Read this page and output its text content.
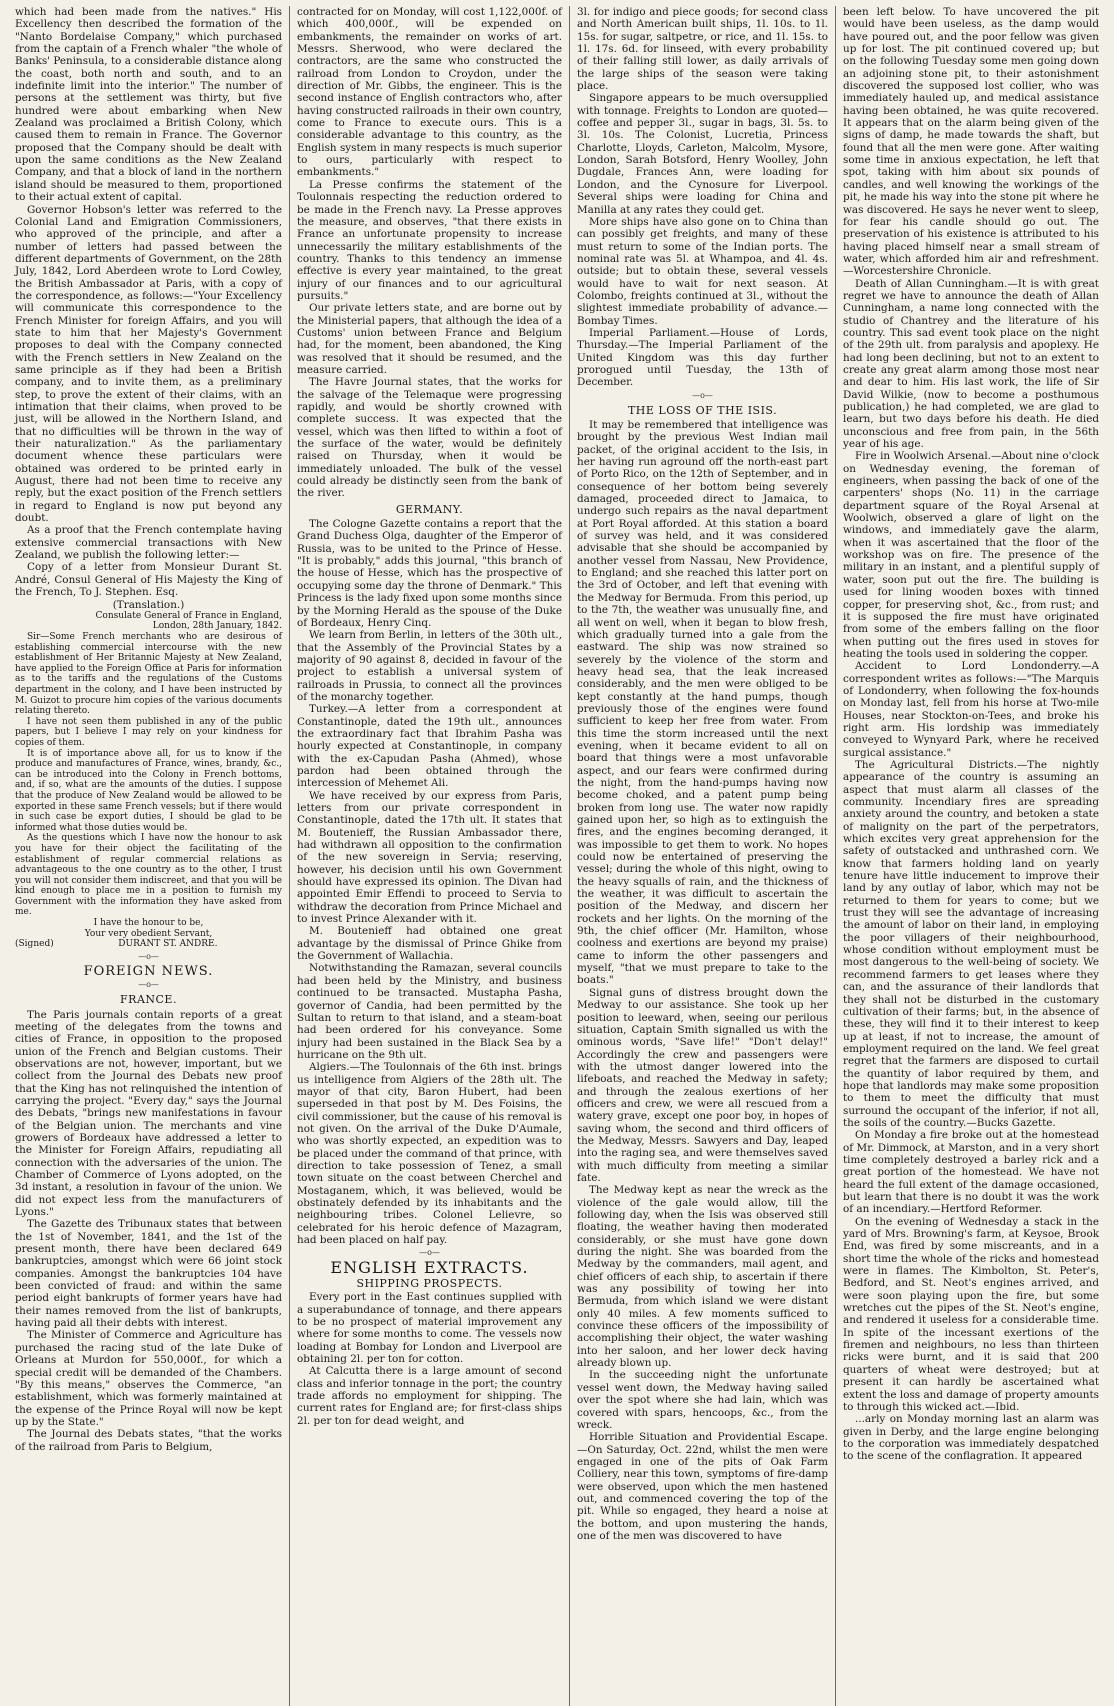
which had been made from the natives." His Excellency then described the formation of the "Nanto Bordelaise Company," which purchased from the captain of a French whaler "the whole of Banks' Peninsula, to a considerable distance along the coast, both north and south, and to an indefinite limit into the interior." The number of persons at the settlement was thirty, but five hundred were about embarking when New Zealand was proclaimed a British Colony, which caused them to remain in France. The Governor proposed that the Company should be dealt with upon the same conditions as the New Zealand Company, and that a block of land in the northern island should be measured to them, proportioned to their actual extent of capital.

Governor Hobson's letter was referred to the Colonial Land and Emigration Commissioners, who approved of the principle, and after a number of letters had passed between the different departments of Government, on the 28th July, 1842, Lord Aberdeen wrote to Lord Cowley, the British Ambassador at Paris, with a copy of the correspondence, as follows:—"Your Excellency will communicate this correspondence to the French Minister for foreign Affairs, and you will state to him that her Majesty's Government proposes to deal with the Company connected with the French settlers in New Zealand on the same principle as if they had been a British company, and to invite them, as a preliminary step, to prove the extent of their claims, with an intimation that their claims, when proved to be just, will be allowed in the Northern Island, and that no difficulties will be thrown in the way of their naturalization." As the parliamentary document whence these particulars were obtained was ordered to be printed early in August, there had not been time to receive any reply, but the exact position of the French settlers in regard to England is now put beyond any doubt.

As a proof that the French contemplate having extensive commercial transactions with New Zealand, we publish the following letter:—

Copy of a letter from Monsieur Durant St. André, Consul General of His Majesty the King of the French, To J. Stephen. Esq.

(Translation.)

Consulate General of France in England,

London, 28th January, 1842.

Sir—Some French merchants who are desirous of establishing commercial intercourse with the new establishment of Her Britannic Majesty at New Zealand, have applied to the Foreign Office at Paris for information as to the tariffs and the regulations of the Customs department in the colony, and I have been instructed by M. Guizot to procure him copies of the various documents relating thereto.

I have not seen them published in any of the public papers, but I believe I may rely on your kindness for copies of them.

It is of importance above all, for us to know if the produce and manufactures of France, wines, brandy, &c., can be introduced into the Colony in French bottoms, and, if so, what are the amounts of the duties. I suppose that the produce of New Zealand would be allowed to be exported in these same French vessels; but if there would in such case be export duties, I should be glad to be informed what those duties would be.

As the questions which I have now the honour to ask you have for their object the facilitating of the establishment of regular commercial relations as advantageous to the one country as to the other, I trust you will not consider them indiscreet, and that you will be kind enough to place me in a position to furnish my Government with the information they have asked from me.

I have the honour to be,

Your very obedient Servant,

(Signed)	DURANT ST. ANDRE.
—o—
FOREIGN NEWS.
—o—
FRANCE.

The Paris journals contain reports of a great meeting of the delegates from the towns and cities of France, in opposition to the proposed union of the French and Belgian customs. Their observations are not, however, important, but we collect from the Journal des Debats new proof that the King has not relinquished the intention of carrying the project. "Every day," says the Journal des Debats, "brings new manifestations in favour of the Belgian union. The merchants and vine growers of Bordeaux have addressed a letter to the Minister for Foreign Affairs, repudiating all connection with the adversaries of the union. The Chamber of Commerce of Lyons adopted, on the 3d instant, a resolution in favour of the union. We did not expect less from the manufacturers of Lyons."

The Gazette des Tribunaux states that between the 1st of November, 1841, and the 1st of the present month, there have been declared 649 bankruptcies, amongst which were 66 joint stock companies. Amongst the bankruptcies 104 have been convicted of fraud: and within the same period eight bankrupts of former years have had their names removed from the list of bankrupts, having paid all their debts with interest.

The Minister of Commerce and Agriculture has purchased the racing stud of the late Duke of Orleans at Murdon for 550,000f., for which a special credit will be demanded of the Chambers. "By this means," observes the Commerce, "an establishment, which was formerly maintained at the expense of the Prince Royal will now be kept up by the State."

The Journal des Debats states, "that the works of the railroad from Paris to Belgium,

contracted for on Monday, will cost 1,122,000f. of which 400,000f., will be expended on embankments, the remainder on works of art. Messrs. Sherwood, who were declared the contractors, are the same who constructed the railroad from London to Croydon, under the direction of Mr. Gibbs, the engineer. This is the second instance of English contractors who, after having constructed railroads in their own country, come to France to execute ours. This is a considerable advantage to this country, as the English system in many respects is much superior to ours, particularly with respect to embankments."

La Presse confirms the statement of the Toulonnais respecting the reduction ordered to be made in the French navy. La Presse approves the measure, and observes, "that there exists in France an unfortunate propensity to increase unnecessarily the military establishments of the country. Thanks to this tendency an immense effective is every year maintained, to the great injury of our finances and to our agricultural pursuits."

Our private letters state, and are borne out by the Ministerial papers, that although the idea of a Customs' union between France and Belgium had, for the moment, been abandoned, the King was resolved that it should be resumed, and the measure carried.

The Havre Journal states, that the works for the salvage of the Telemaque were progressing rapidly, and would be shortly crowned with complete success. It was expected that the vessel, which was then lifted to within a foot of the surface of the water, would be definitely raised on Thursday, when it would be immediately unloaded. The bulk of the vessel could already be distinctly seen from the bank of the river.

GERMANY.

The Cologne Gazette contains a report that the Grand Duchess Olga, daughter of the Emperor of Russia, was to be united to the Prince of Hesse. "It is probably," adds this journal, "this branch of the house of Hesse, which has the prospective of occupying some day the throne of Denmark." This Princess is the lady fixed upon some months since by the Morning Herald as the spouse of the Duke of Bordeaux, Henry Cinq.

We learn from Berlin, in letters of the 30th ult., that the Assembly of the Provincial States by a majority of 90 against 8, decided in favour of the project to establish a universal system of railroads in Prussia, to connect all the provinces of the monarchy together.

Turkey.—A letter from a correspondent at Constantinople, dated the 19th ult., announces the extraordinary fact that Ibrahim Pasha was hourly expected at Constantinople, in company with the ex-Capudan Pasha (Ahmed), whose pardon had been obtained through the intercession of Mehemet Ali.

We have received by our express from Paris, letters from our private correspondent in Constantinople, dated the 17th ult. It states that M. Boutenieff, the Russian Ambassador there, had withdrawn all opposition to the confirmation of the new sovereign in Servia; reserving, however, his decision until his own Government should have expressed its opinion. The Divan had appointed Emir Effendi to proceed to Servia to withdraw the decoration from Prince Michael and to invest Prince Alexander with it.

M. Boutenieff had obtained one great advantage by the dismissal of Prince Ghike from the Government of Wallachia.

Notwithstanding the Ramazan, several councils had been held by the Ministry, and business continued to be transacted. Mustapha Pasha, governor of Candia, had been permitted by the Sultan to return to that island, and a steam-boat had been ordered for his conveyance. Some injury had been sustained in the Black Sea by a hurricane on the 9th ult.

Algiers.—The Toulonnais of the 6th inst. brings us intelligence from Algiers of the 28th ult. The mayor of that city, Baron Hubert, had been superseded in that post by M. Des Foisins, the civil commissioner, but the cause of his removal is not given. On the arrival of the Duke D'Aumale, who was shortly expected, an expedition was to be placed under the command of that prince, with direction to take possession of Tenez, a small town situate on the coast between Cherchel and Mostaganem, which, it was believed, would be obstinately defended by its inhabitants and the neighbouring tribes. Colonel Lelievre, so celebrated for his heroic defence of Mazagram, had been placed on half pay.

—o—
ENGLISH EXTRACTS.
SHIPPING PROSPECTS.

Every port in the East continues supplied with a superabundance of tonnage, and there appears to be no prospect of material improvement any where for some months to come. The vessels now loading at Bombay for London and Liverpool are obtaining 2l. per ton for cotton.

At Calcutta there is a large amount of second class and inferior tonnage in the port; the country trade affords no employment for shipping. The current rates for England are; for first-class ships 2l. per ton for dead weight, and

3l. for indigo and piece goods; for second class and North American built ships, 1l. 10s. to 1l. 15s. for sugar, saltpetre, or rice, and 1l. 15s. to 1l. 17s. 6d. for linseed, with every probability of their falling still lower, as daily arrivals of the large ships of the season were taking place.

Singapore appears to be much oversupplied with tonnage. Freights to London are quoted—coffee and pepper 3l., sugar in bags, 3l. 5s. to 3l. 10s. The Colonist, Lucretia, Princess Charlotte, Lloyds, Carleton, Malcolm, Mysore, London, Sarah Botsford, Henry Woolley, John Dugdale, Frances Ann, were loading for London, and the Cynosure for Liverpool. Several ships were loading for China and Manilla at any rates they could get.

More ships have also gone on to China than can possibly get freights, and many of these must return to some of the Indian ports. The nominal rate was 5l. at Whampoa, and 4l. 4s. outside; but to obtain these, several vessels would have to wait for next season. At Colombo, freights continued at 3l., without the slightest immediate probability of advance.—Bombay Times.

Imperial Parliament.—House of Lords, Thursday.—The Imperial Parliament of the United Kingdom was this day further prorogued until Tuesday, the 13th of December.

—o—
THE LOSS OF THE ISIS.

It may be remembered that intelligence was brought by the previous West Indian mail packet, of the original accident to the Isis, in her having run aground off the north-east part of Porto Rico, on the 12th of September, and in consequence of her bottom being severely damaged, proceeded direct to Jamaica, to undergo such repairs as the naval department at Port Royal afforded. At this station a board of survey was held, and it was considered advisable that she should be accompanied by another vessel from Nassau, New Providence, to England; and she reached this latter port on the 3rd of October, and left that evening with the Medway for Bermuda. From this period, up to the 7th, the weather was unusually fine, and all went on well, when it began to blow fresh, which gradually turned into a gale from the eastward. The ship was now strained so severely by the violence of the storm and heavy head sea, that the leak increased considerably, and the men were obliged to be kept constantly at the hand pumps, though previously those of the engines were found sufficient to keep her free from water. From this time the storm increased until the next evening, when it became evident to all on board that things were a most unfavorable aspect, and our fears were confirmed during the night, from the hand-pumps having now become choked, and a patent pump being broken from long use. The water now rapidly gained upon her, so high as to extinguish the fires, and the engines becoming deranged, it was impossible to get them to work. No hopes could now be entertained of preserving the vessel; during the whole of this night, owing to the heavy squalls of rain, and the thickness of the weather, it was difficult to ascertain the position of the Medway, and discern her rockets and her lights. On the morning of the 9th, the chief officer (Mr. Hamilton, whose coolness and exertions are beyond my praise) came to inform the other passengers and myself, "that we must prepare to take to the boats."

Signal guns of distress brought down the Medway to our assistance. She took up her position to leeward, when, seeing our perilous situation, Captain Smith signalled us with the ominous words, "Save life!" "Don't delay!" Accordingly the crew and passengers were with the utmost danger lowered into the lifeboats, and reached the Medway in safety; and through the zealous exertions of her officers and crew, we were all rescued from a watery grave, except one poor boy, in hopes of saving whom, the second and third officers of the Medway, Messrs. Sawyers and Day, leaped into the raging sea, and were themselves saved with much difficulty from meeting a similar fate.

The Medway kept as near the wreck as the violence of the gale would allow, till the following day, when the Isis was observed still floating, the weather having then moderated considerably, or she must have gone down during the night. She was boarded from the Medway by the commanders, mail agent, and chief officers of each ship, to ascertain if there was any possibility of towing her into Bermuda, from which island we were distant only 40 miles. A few moments sufficed to convince these officers of the impossibility of accomplishing their object, the water washing into her saloon, and her lower deck having already blown up.

In the succeeding night the unfortunate vessel went down, the Medway having sailed over the spot where she had lain, which was covered with spars, hencoops, &c., from the wreck.

Horrible Situation and Providential Escape.—On Saturday, Oct. 22nd, whilst the men were engaged in one of the pits of Oak Farm Colliery, near this town, symptoms of fire-damp were observed, upon which the men hastened out, and commenced covering the top of the pit. While so engaged, they heard a noise at the bottom, and upon mustering the hands, one of the men was discovered to have

been left below. To have uncovered the pit would have been useless, as the damp would have poured out, and the poor fellow was given up for lost. The pit continued covered up; but on the following Tuesday some men going down an adjoining stone pit, to their astonishment discovered the supposed lost collier, who was immediately hauled up, and medical assistance having been obtained, he was quite recovered. It appears that on the alarm being given of the signs of damp, he made towards the shaft, but found that all the men were gone. After waiting some time in anxious expectation, he left that spot, taking with him about six pounds of candles, and well knowing the workings of the pit, he made his way into the stone pit where he was discovered. He says he never went to sleep, for fear his candle should go out. The preservation of his existence is attributed to his having placed himself near a small stream of water, which afforded him air and refreshment.—Worcestershire Chronicle.

Death of Allan Cunningham.—It is with great regret we have to announce the death of Allan Cunningham, a name long connected with the studio of Chantrey and the literature of his country. This sad event took place on the night of the 29th ult. from paralysis and apoplexy. He had long been declining, but not to an extent to create any great alarm among those most near and dear to him. His last work, the life of Sir David Wilkie, (now to become a posthumous publication,) he had completed, we are glad to learn, but two days before his death. He died unconscious and free from pain, in the 56th year of his age.

Fire in Woolwich Arsenal.—About nine o'clock on Wednesday evening, the foreman of engineers, when passing the back of one of the carpenters' shops (No. 11) in the carriage department square of the Royal Arsenal at Woolwich, observed a glare of light on the windows, and immediately gave the alarm, when it was ascertained that the floor of the workshop was on fire. The presence of the military in an instant, and a plentiful supply of water, soon put out the fire. The building is used for lining wooden boxes with tinned copper, for preserving shot, &c., from rust; and it is supposed the fire must have originated from some of the embers falling on the floor when putting out the fires used in stoves for heating the tools used in soldering the copper.

Accident to Lord Londonderry.—A correspondent writes as follows:—"The Marquis of Londonderry, when following the fox-hounds on Monday last, fell from his horse at Two-mile Houses, near Stockton-on-Tees, and broke his right arm. His lordship was immediately conveyed to Wynyard Park, where he received surgical assistance."

The Agricultural Districts.—The nightly appearance of the country is assuming an aspect that must alarm all classes of the community. Incendiary fires are spreading anxiety around the country, and betoken a state of malignity on the part of the perpetrators, which excites very great apprehension for the safety of outstacked and unthrashed corn. We know that farmers holding land on yearly tenure have little inducement to improve their land by any outlay of labor, which may not be returned to them for years to come; but we trust they will see the advantage of increasing the amount of labor on their land, in employing the poor villagers of their neighbourhood, whose condition without employment must be most dangerous to the well-being of society. We recommend farmers to get leases where they can, and the assurance of their landlords that they shall not be disturbed in the customary cultivation of their farms; but, in the absence of these, they will find it to their interest to keep up at least, if not to increase, the amount of employment required on the land. We feel great regret that the farmers are disposed to curtail the quantity of labor required by them, and hope that landlords may make some proposition to them to meet the difficulty that must surround the occupant of the inferior, if not all, the soils of the country.—Bucks Gazette.

On Monday a fire broke out at the homestead of Mr. Dimmock, at Marston, and in a very short time completely destroyed a barley rick and a great portion of the homestead. We have not heard the full extent of the damage occasioned, but learn that there is no doubt it was the work of an incendiary.—Hertford Reformer.

On the evening of Wednesday a stack in the yard of Mrs. Browning's farm, at Keysoe, Brook End, was fired by some miscreants, and in a short time the whole of the ricks and homestead were in flames. The Kimbolton, St. Peter's, Bedford, and St. Neot's engines arrived, and were soon playing upon the fire, but some wretches cut the pipes of the St. Neot's engine, and rendered it useless for a considerable time. In spite of the incessant exertions of the firemen and neighbours, no less than thirteen ricks were burnt, and it is said that 200 quarters of wheat were destroyed; but at present it can hardly be ascertained what extent the loss and damage of property amounts to through this wicked act.—Ibid.

...arly on Monday morning last an alarm was given in Derby, and the large engine belonging to the corporation was immediately despatched to the scene of the conflagration. It appeared
